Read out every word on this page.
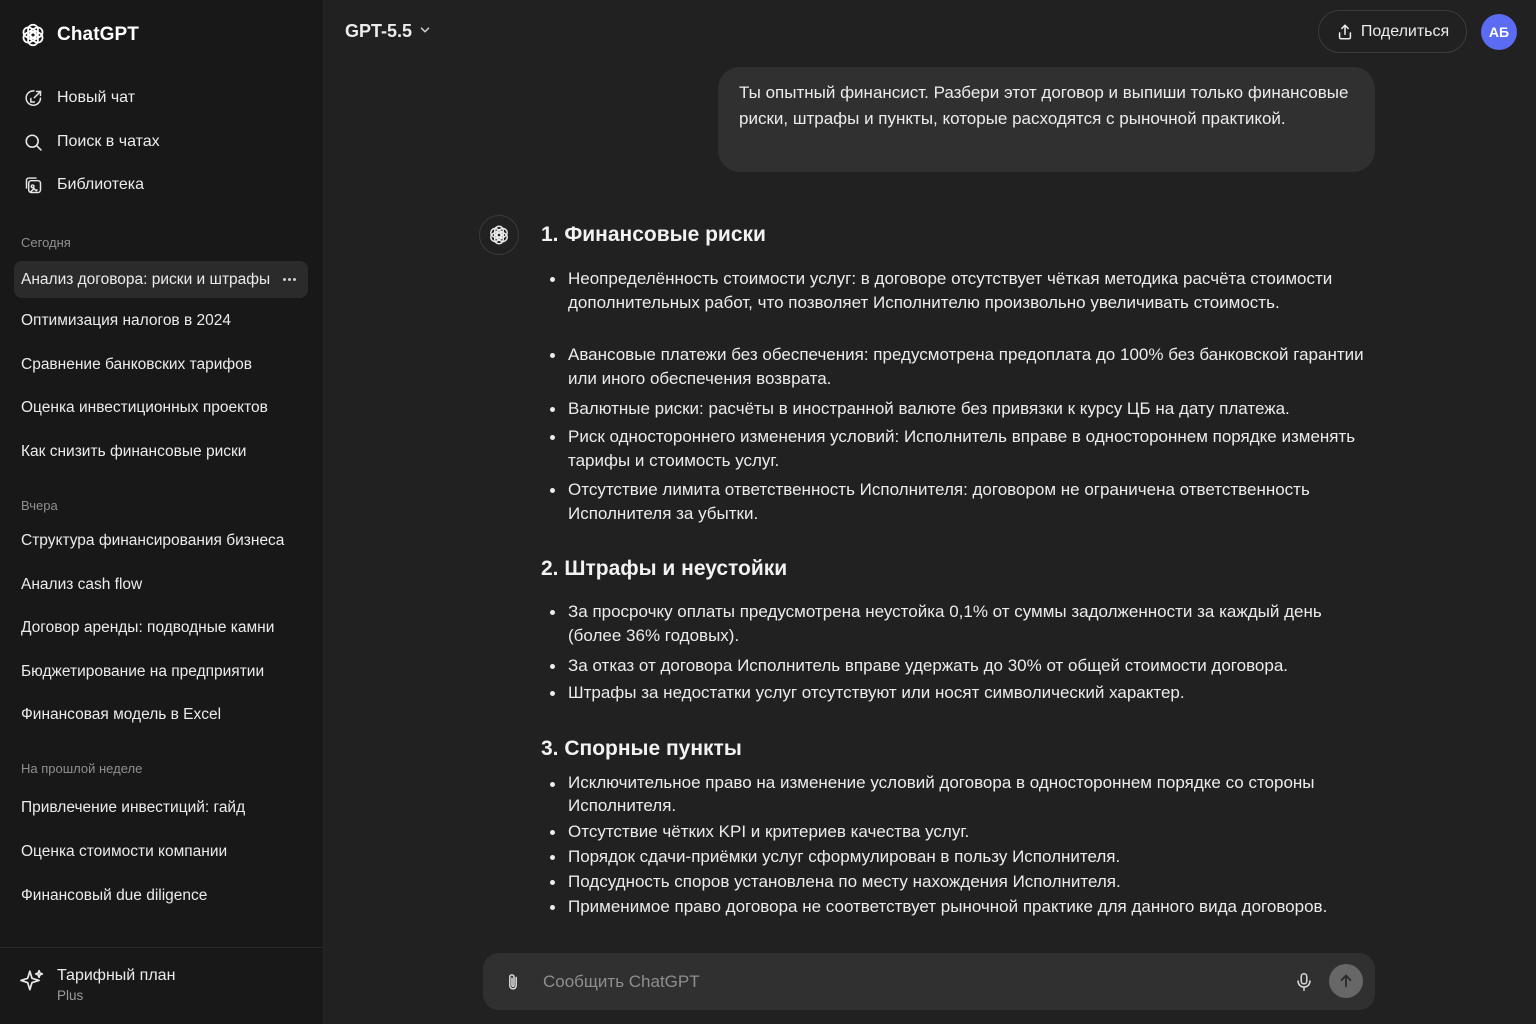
ChatGPT
Новый чат
Поиск в чатах
Библиотека
Сегодня
Анализ договора: риски и штрафы
Оптимизация налогов в 2024
Сравнение банковских тарифов
Оценка инвестиционных проектов
Как снизить финансовые риски
Вчера
Структура финансирования бизнеса
Анализ cash flow
Договор аренды: подводные камни
Бюджетирование на предприятии
Финансовая модель в Excel
На прошлой неделе
Привлечение инвестиций: гайд
Оценка стоимости компании
Финансовый due diligence
Тарифный план
Plus
GPT-5.5	Поделиться	АБ
Ты опытный финансист. Разбери этот договор и выпиши только финансовые риски, штрафы и пункты, которые расходятся с рыночной практикой.
1. Финансовые риски
Неопределённость стоимости услуг: в договоре отсутствует чёткая методика расчёта стоимости дополнительных работ, что позволяет Исполнителю произвольно увеличивать стоимость.
Авансовые платежи без обеспечения: предусмотрена предоплата до 100% без банковской гарантии или иного обеспечения возврата.
Валютные риски: расчёты в иностранной валюте без привязки к курсу ЦБ на дату платежа.
Риск одностороннего изменения условий: Исполнитель вправе в одностороннем порядке изменять тарифы и стоимость услуг.
Отсутствие лимита ответственность Исполнителя: договором не ограничена ответственность Исполнителя за убытки.
2. Штрафы и неустойки
За просрочку оплаты предусмотрена неустойка 0,1% от суммы задолженности за каждый день (более 36% годовых).
За отказ от договора Исполнитель вправе удержать до 30% от общей стоимости договора.
Штрафы за недостатки услуг отсутствуют или носят символический характер.
3. Спорные пункты
Исключительное право на изменение условий договора в одностороннем порядке со стороны Исполнителя.
Отсутствие чётких KPI и критериев качества услуг.
Порядок сдачи-приёмки услуг сформулирован в пользу Исполнителя.
Подсудность споров установлена по месту нахождения Исполнителя.
Применимое право договора не соответствует рыночной практике для данного вида договоров.
Сообщить ChatGPT
